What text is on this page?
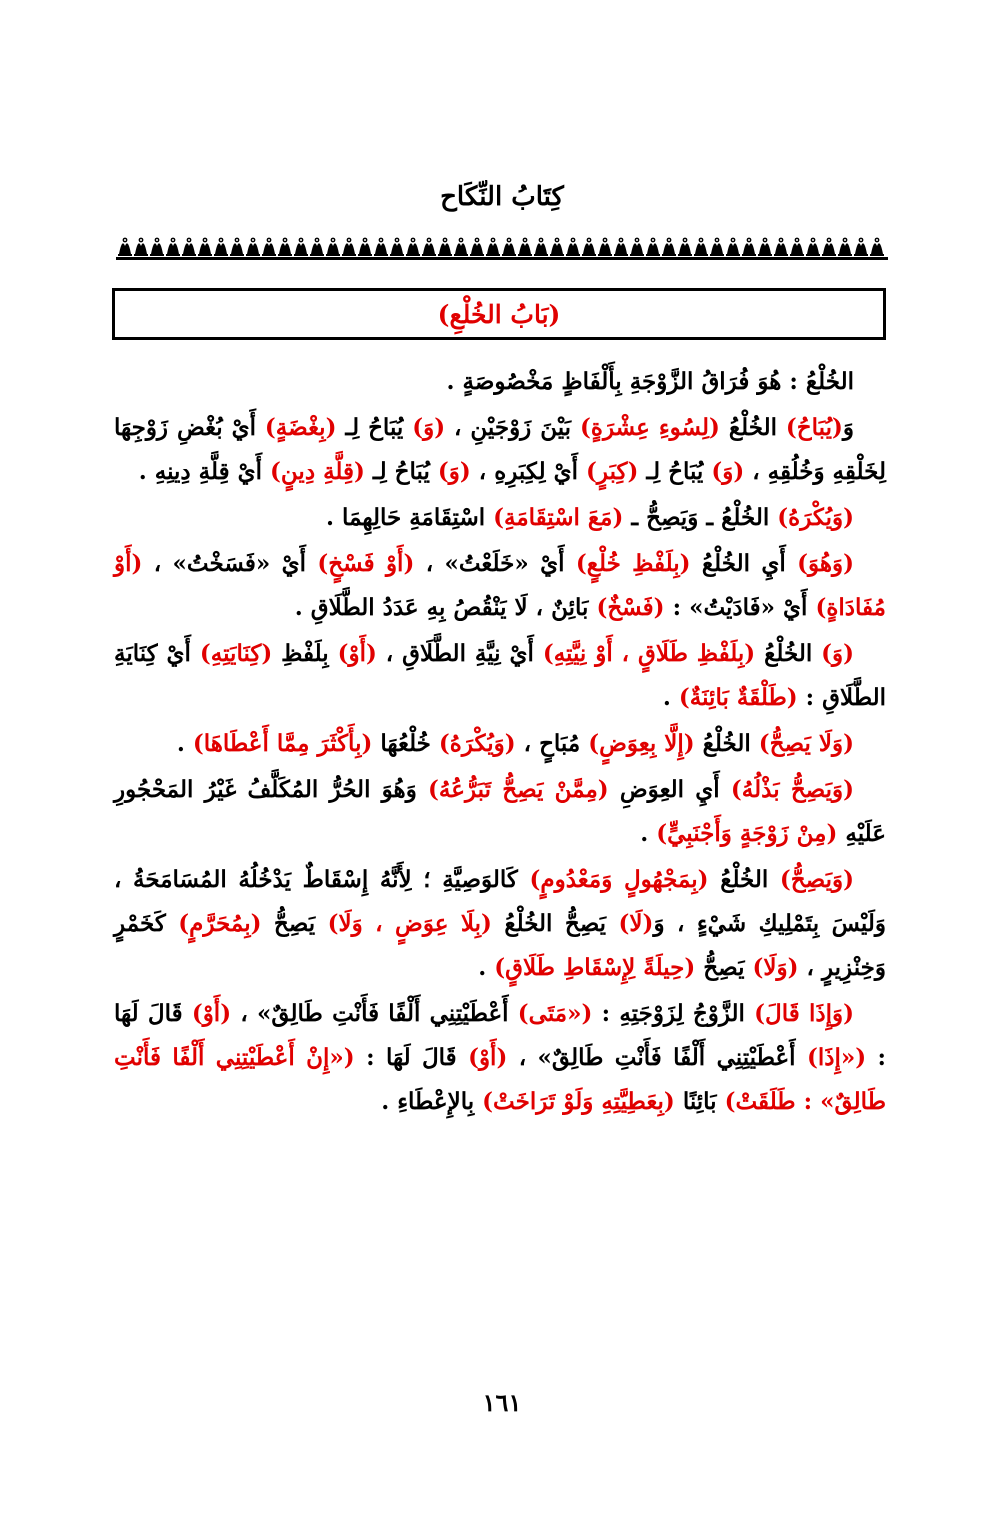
كِتَابُ النِّكَاح
(بَابُ الخُلْعِ)

الخُلْعُ : هُوَ فُرَاقُ الزَّوْجَةِ بِأَلْفَاظٍ مَخْصُوصَةٍ .

وَ(يُبَاحُ) الخُلْعُ (لِسُوءِ عِشْرَةٍ) بَيْنَ زَوْجَيْنِ ، (وَ) يُبَاحُ لِـ (بِغْضَةٍ) أَيْ بُغْضِ زَوْجِهَا لِخَلْقِهِ وَخُلُقِهِ ، (وَ) يُبَاحُ لِـ (كِبَرٍ) أَيْ لِكِبَرِهِ ، (وَ) يُبَاحُ لِـ (قِلَّةِ دِينٍ) أَيْ قِلَّةِ دِينِهِ .

(وَيُكْرَهُ) الخُلْعُ ـ وَيَصِحُّ ـ (مَعَ اسْتِقَامَةِ) اسْتِقَامَةِ حَالِهِمَا .

(وَهُوَ) أَيِ الخُلْعُ (بِلَفْظِ خُلْعٍ) أَيْ «خَلَعْتُ» ، (أَوْ فَسْخٍ) أَيْ «فَسَخْتُ» ، (أَوْ مُفَادَاةٍ) أَيْ «فَادَيْتُ» : (فَسْخٌ) بَائِنٌ ، لَا يَنْقُصُ بِهِ عَدَدُ الطَّلَاقِ .

(وَ) الخُلْعُ (بِلَفْظِ طَلَاقٍ ، أَوْ نِيَّتِهِ) أَيْ نِيَّةِ الطَّلَاقِ ، (أَوْ) بِلَفْظِ (كِنَايَتِهِ) أَيْ كِنَايَةِ الطَّلَاقِ : (طَلْقَةٌ بَائِنَةٌ) .

(وَلَا يَصِحُّ) الخُلْعُ (إِلَّا بِعِوَضٍ) مُبَاحٍ ، (وَيُكْرَهُ) خُلْعُهَا (بِأَكْثَرَ مِمَّا أَعْطَاهَا) .

(وَيَصِحُّ بَذْلُهُ) أَيِ العِوَضِ (مِمَّنْ يَصِحُّ تَبَرُّعُهُ) وَهُوَ الحُرُّ المُكَلَّفُ غَيْرُ المَحْجُورِ عَلَيْهِ (مِنْ زَوْجَةٍ وَأَجْنَبِيٍّ) .

(وَيَصِحُّ) الخُلْعُ (بِمَجْهُولٍ وَمَعْدُومٍ) كَالوَصِيَّةِ ؛ لِأَنَّهُ إِسْقَاطٌ يَدْخُلُهُ المُسَامَحَةُ ، وَلَيْسَ بِتَمْلِيكِ شَيْءٍ ، وَ(لَا) يَصِحُّ الخُلْعُ (بِلَا عِوَضٍ ، وَلَا) يَصِحُّ (بِمُحَرَّمٍ) كَخَمْرٍ وَخِنْزِيرٍ ، (وَلَا) يَصِحُّ (حِيلَةً لِإِسْقَاطِ طَلَاقٍ) .

(وَإِذَا قَالَ) الزَّوْجُ لِزَوْجَتِهِ : («مَتَى) أَعْطَيْتِنِي أَلْفًا فَأَنْتِ طَالِقٌ» ، (أَوْ) قَالَ لَهَا : («إِذَا) أَعْطَيْتِنِي أَلْفًا فَأَنْتِ طَالِقٌ» ، (أَوْ) قَالَ لَهَا : («إِنْ أَعْطَيْتِنِي أَلْفًا فَأَنْتِ طَالِقٌ» : طَلَقَتْ) بَائِنًا (بِعَطِيَّتِهِ وَلَوْ تَرَاخَتْ) بِالإِعْطَاءِ .

١٦١
